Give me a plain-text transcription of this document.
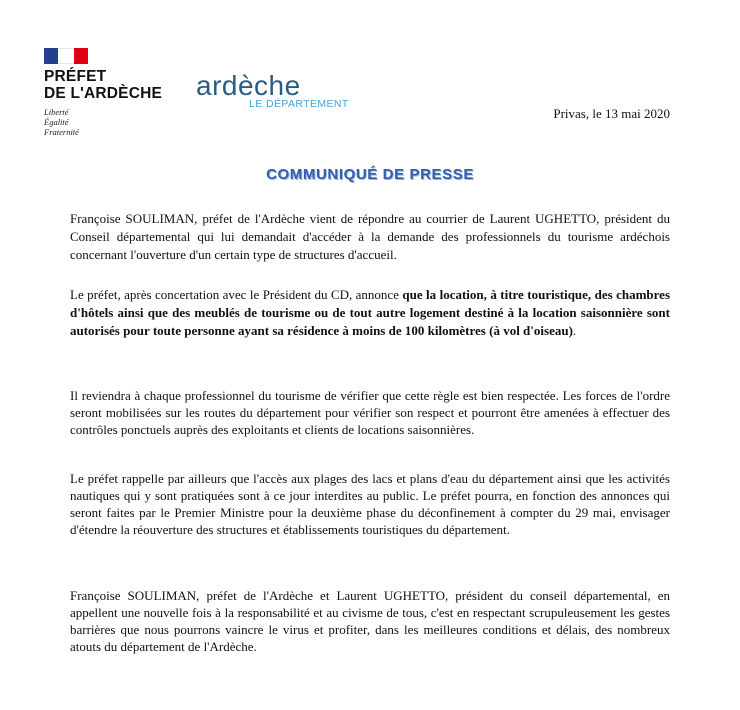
PRÉFET
DE L'ARDÈCHE
Liberté
Égalité
Fraternité
ardèche
LE DÉPARTEMENT
Privas, le 13 mai 2020
COMMUNIQUÉ DE PRESSE

Françoise SOULIMAN, préfet de l'Ardèche vient de répondre au courrier de Laurent UGHETTO, président du Conseil départemental qui lui demandait d'accéder à la demande des professionnels du tourisme ardéchois concernant l'ouverture d'un certain type de structures d'accueil.

Le préfet, après concertation avec le Président du CD, annonce que la location, à titre touristique, des chambres d'hôtels ainsi que des meublés de tourisme ou de tout autre logement destiné à la location saisonnière sont autorisés pour toute personne ayant sa résidence à moins de 100 kilomètres (à vol d'oiseau).

Il reviendra à chaque professionnel du tourisme de vérifier que cette règle est bien respectée. Les forces de l'ordre seront mobilisées sur les routes du département pour vérifier son respect et pourront être amenées à effectuer des contrôles ponctuels auprès des exploitants et clients de locations saisonnières.

Le préfet rappelle par ailleurs que l'accès aux plages des lacs et plans d'eau du département ainsi que les activités nautiques qui y sont pratiquées sont à ce jour interdites au public. Le préfet pourra, en fonction des annonces qui seront faites par le Premier Ministre pour la deuxième phase du déconfinement à compter du 29 mai, envisager d'étendre la réouverture des structures et établissements touristiques du département.

Françoise SOULIMAN, préfet de l'Ardèche et Laurent UGHETTO, président du conseil départemental, en appellent une nouvelle fois à la responsabilité et au civisme de tous, c'est en respectant scrupuleusement les gestes barrières que nous pourrons vaincre le virus et profiter, dans les meilleures conditions et délais, des nombreux atouts du département de l'Ardèche.
